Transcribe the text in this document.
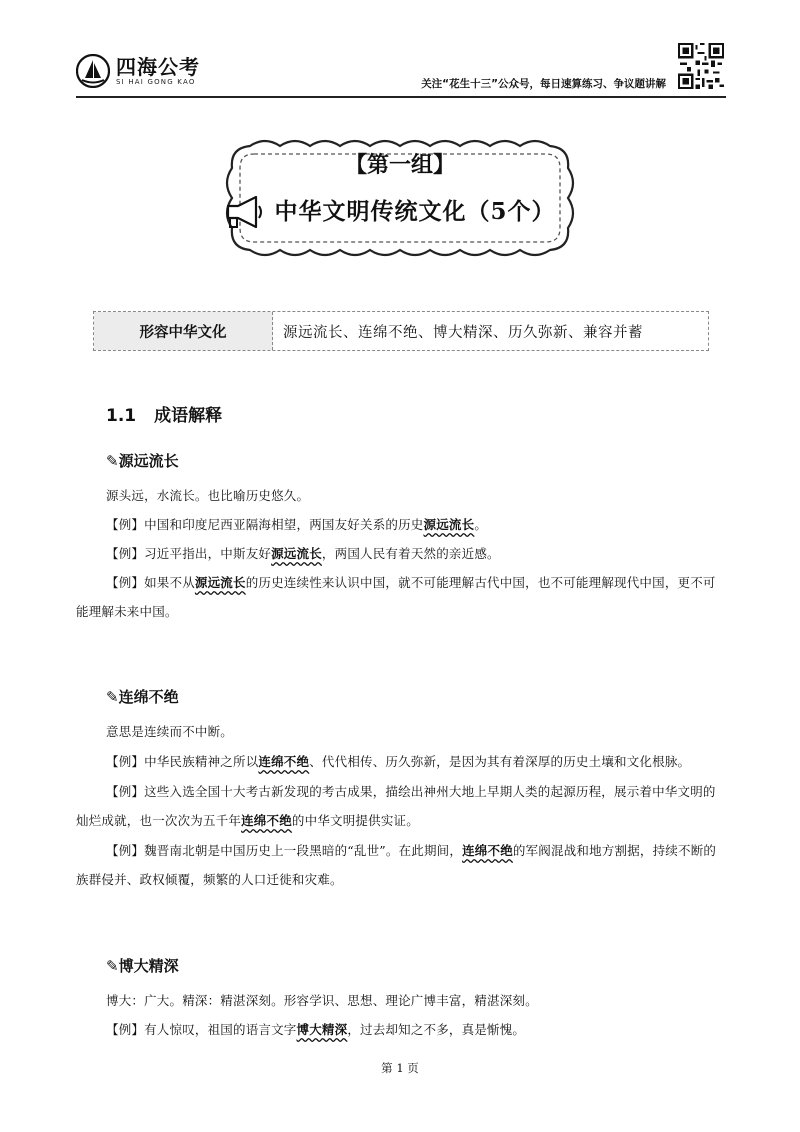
四海公考
SI HAI GONG KAO	关注“花生十三”公众号，每日速算练习、争议题讲解
【第一组】
中华文明传统文化（5个）
形容中华文化	源远流长、连绵不绝、博大精深、历久弥新、兼容并蓄
1.1 成语解释
✎源远流长
源头远，水流长。也比喻历史悠久。
【例】中国和印度尼西亚隔海相望，两国友好关系的历史源远流长。
【例】习近平指出，中斯友好源远流长，两国人民有着天然的亲近感。
【例】如果不从源远流长的历史连续性来认识中国，就不可能理解古代中国，也不可能理解现代中国，更不可能理解未来中国。
✎连绵不绝
意思是连续而不中断。
【例】中华民族精神之所以连绵不绝、代代相传、历久弥新，是因为其有着深厚的历史土壤和文化根脉。
【例】这些入选全国十大考古新发现的考古成果，描绘出神州大地上早期人类的起源历程，展示着中华文明的灿烂成就，也一次次为五千年连绵不绝的中华文明提供实证。
【例】魏晋南北朝是中国历史上一段黑暗的“乱世”。在此期间，连绵不绝的军阀混战和地方割据，持续不断的族群侵并、政权倾覆，频繁的人口迁徙和灾难。
✎博大精深
博大：广大。精深：精湛深刻。形容学识、思想、理论广博丰富，精湛深刻。
【例】有人惊叹，祖国的语言文字博大精深，过去却知之不多，真是惭愧。
第 1 页
